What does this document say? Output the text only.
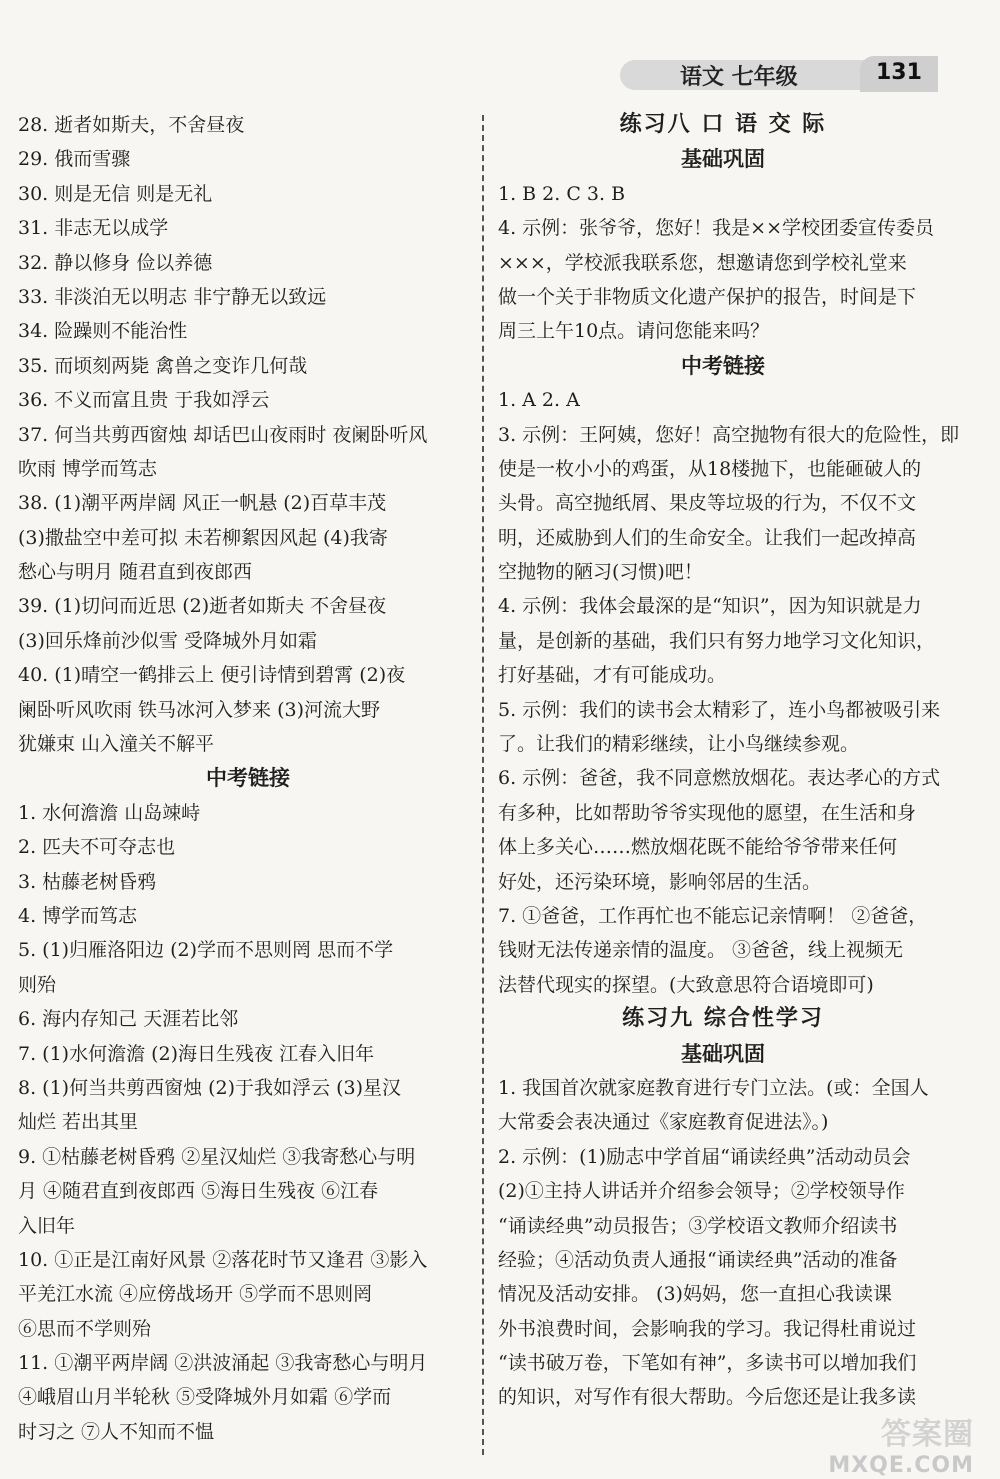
语文 七年级	131
28. 逝者如斯夫，不舍昼夜
29. 俄而雪骤
30. 则是无信 则是无礼
31. 非志无以成学
32. 静以修身 俭以养德
33. 非淡泊无以明志 非宁静无以致远
34. 险躁则不能治性
35. 而顷刻两毙 禽兽之变诈几何哉
36. 不义而富且贵 于我如浮云
37. 何当共剪西窗烛 却话巴山夜雨时 夜阑卧听风
吹雨 博学而笃志
38. (1)潮平两岸阔 风正一帆悬 (2)百草丰茂
(3)撒盐空中差可拟 未若柳絮因风起 (4)我寄
愁心与明月 随君直到夜郎西
39. (1)切问而近思 (2)逝者如斯夫 不舍昼夜
(3)回乐烽前沙似雪 受降城外月如霜
40. (1)晴空一鹤排云上 便引诗情到碧霄 (2)夜
阑卧听风吹雨 铁马冰河入梦来 (3)河流大野
犹嫌束 山入潼关不解平
中考链接
1. 水何澹澹 山岛竦峙
2. 匹夫不可夺志也
3. 枯藤老树昏鸦
4. 博学而笃志
5. (1)归雁洛阳边 (2)学而不思则罔 思而不学
则殆
6. 海内存知己 天涯若比邻
7. (1)水何澹澹 (2)海日生残夜 江春入旧年
8. (1)何当共剪西窗烛 (2)于我如浮云 (3)星汉
灿烂 若出其里
9. ①枯藤老树昏鸦 ②星汉灿烂 ③我寄愁心与明
月 ④随君直到夜郎西 ⑤海日生残夜 ⑥江春
入旧年
10. ①正是江南好风景 ②落花时节又逢君 ③影入
平羌江水流 ④应傍战场开 ⑤学而不思则罔
⑥思而不学则殆
11. ①潮平两岸阔 ②洪波涌起 ③我寄愁心与明月
④峨眉山月半轮秋 ⑤受降城外月如霜 ⑥学而
时习之 ⑦人不知而不愠
练习八 口 语 交 际
基础巩固
1. B 2. C 3. B
4. 示例：张爷爷，您好！我是××学校团委宣传委员
×××，学校派我联系您，想邀请您到学校礼堂来
做一个关于非物质文化遗产保护的报告，时间是下
周三上午10点。请问您能来吗？
中考链接
1. A 2. A
3. 示例：王阿姨，您好！高空抛物有很大的危险性，即
使是一枚小小的鸡蛋，从18楼抛下，也能砸破人的
头骨。高空抛纸屑、果皮等垃圾的行为，不仅不文
明，还威胁到人们的生命安全。让我们一起改掉高
空抛物的陋习(习惯)吧！
4. 示例：我体会最深的是“知识”，因为知识就是力
量，是创新的基础，我们只有努力地学习文化知识，
打好基础，才有可能成功。
5. 示例：我们的读书会太精彩了，连小鸟都被吸引来
了。让我们的精彩继续，让小鸟继续参观。
6. 示例：爸爸，我不同意燃放烟花。表达孝心的方式
有多种，比如帮助爷爷实现他的愿望，在生活和身
体上多关心……燃放烟花既不能给爷爷带来任何
好处，还污染环境，影响邻居的生活。
7. ①爸爸，工作再忙也不能忘记亲情啊！ ②爸爸，
钱财无法传递亲情的温度。 ③爸爸，线上视频无
法替代现实的探望。(大致意思符合语境即可)
练习九 综合性学习
基础巩固
1. 我国首次就家庭教育进行专门立法。(或：全国人
大常委会表决通过《家庭教育促进法》。)
2. 示例：(1)励志中学首届“诵读经典”活动动员会
(2)①主持人讲话并介绍参会领导；②学校领导作
“诵读经典”动员报告；③学校语文教师介绍读书
经验；④活动负责人通报“诵读经典”活动的准备
情况及活动安排。 (3)妈妈，您一直担心我读课
外书浪费时间，会影响我的学习。我记得杜甫说过
“读书破万卷，下笔如有神”，多读书可以增加我们
的知识，对写作有很大帮助。今后您还是让我多读
答案圈
MXQE.COM
